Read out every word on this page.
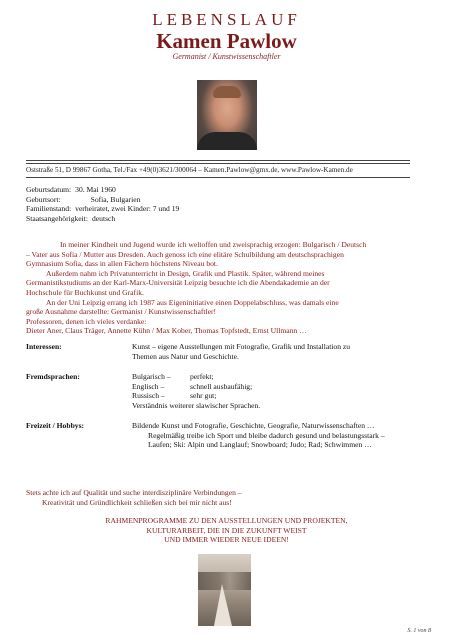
LEBENSLAUF
Kamen Pawlow
Germanist / Kunstwissenschaftler
Oststraße 51, D 99867 Gotha, Tel./Fax +49(0)3621/300064 – Kamen.Pawlow@gmx.de, www.Pawlow-Kamen.de
Geburtsdatum: 30. Mai 1960
Geburtsort:	Sofia, Bulgarien
Familienstand: verheiratet, zwei Kinder: 7 und 19
Staatsangehörigkeit: deutsch
In meiner Kindheit und Jugend wurde ich weltoffen und zweisprachig erzogen: Bulgarisch / Deutsch
– Vater aus Sofia / Mutter aus Dresden. Auch genoss ich eine elitäre Schulbildung am deutschsprachigen
Gymnasium Sofia, dass in allen Fächern höchstens Niveau bot.
Außerdem nahm ich Privatunterricht in Design, Grafik und Plastik. Später, während meines
Germanistikstudiums an der Karl-Marx-Universität Leipzig besuchte ich die Abendakademie an der
Hochschule für Buchkunst und Grafik.
An der Uni Leipzig errang ich 1987 aus Eigeninitiative einen Doppelabschluss, was damals eine
große Ausnahme darstellte: Germanist / Kunstwissenschaftler!
Professoren, denen ich vieles verdanke:
Dieter Aner, Claus Träger, Annette Kühn / Max Kober, Thomas Topfstedt, Ernst Ullmann …
Interessen:	Kunst – eigene Ausstellungen mit Fotografie, Grafik und Installation zu
Themen aus Natur und Geschichte.
Fremdsprachen:	Bulgarisch –	perfekt;
Englisch –	schnell ausbaufähig;
Russisch –	sehr gut;
Verständnis weiterer slawischer Sprachen.
Freizeit / Hobbys:	Bildende Kunst und Fotografie, Geschichte, Geografie, Naturwissenschaften …
Regelmäßig treibe ich Sport und bleibe dadurch gesund und belastungsstark –
Laufen; Ski: Alpin und Langlauf; Snowboard; Judo; Rad; Schwimmen …
Stets achte ich auf Qualität und suche interdisziplinäre Verbindungen –
Kreativität und Gründlichkeit schließen sich bei mir nicht aus!
RAHMENPROGRAMME ZU DEN AUSSTELLUNGEN UND PROJEKTEN,
KULTURARBEIT, DIE IN DIE ZUKUNFT WEIST
UND IMMER WIEDER NEUE IDEEN!
S. 1 von 8
